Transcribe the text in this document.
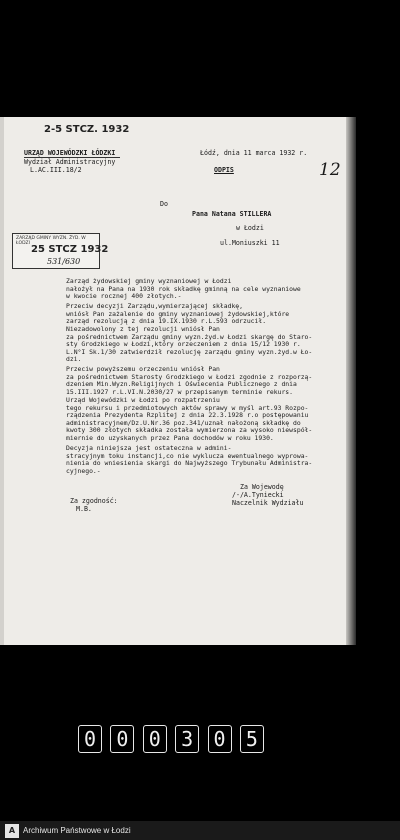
2-5 STCZ. 1932
URZĄD WOJEWÓDZKI ŁÓDZKI
Wydział Administracyjny
L.AC.III.18/2
Łódź, dnia 11 marca 1932 r.
ODPIS	12
Do
Pana Natana STILLERA
w Łodzi
ul.Moniuszki 11
ZARZĄD GMINY WYZN. ŻYD. W ŁODZI
25 STCZ 1932
531/630
Zarząd żydowskiej gminy wyznaniowej w Łodzi
nałożył na Pana na 1930 rok składkę gminną na cele wyznaniowe
w kwocie rocznej 400 złotych.-
Przeciw decyzji Zarządu,wymierzającej składkę,
wniósł Pan zażalenie do gminy wyznaniowej żydowskiej,które
zarząd rezolucją z dnia 19.IX.1930 r.L.593 odrzucił.
Niezadowolony z tej rezolucji wniósł Pan
za pośrednictwem Zarządu gminy wyzn.żyd.w Łodzi skargę do Staro-
sty Grodzkiego w Łodzi,który orzeczeniem z dnia 15/12 1930 r.
L.N°I Sk.1/30 zatwierdził rezolucję zarządu gminy wyzn.żyd.w Ło-
dzi.
Przeciw powyższemu orzeczeniu wniósł Pan
za pośrednictwem Starosty Grodzkiego w Łodzi zgodnie z rozporzą-
dzeniem Min.Wyzn.Religijnych i Oświecenia Publicznego z dnia
15.III.1927 r.L.VI.N.2030/27 w przepisanym terminie rekurs.
Urząd Wojewódzki w Łodzi po rozpatrzeniu
tego rekursu i przedmiotowych aktów sprawy w myśl art.93 Rozpo-
rządzenia Prezydenta Rzplitej z dnia 22.3.1928 r.o postępowaniu
administracyjnem/Dz.U.Nr.36 poz.341/uznał nałożoną składkę do
kwoty 300 złotych składka została wymierzona za wysoko niewspół-
miernie do uzyskanych przez Pana dochodów w roku 1930.
Decyzja niniejsza jest ostateczna w admini-
stracyjnym toku instancji,co nie wyklucza ewentualnego wyprowa-
nienia do wniesienia skargi do Najwyższego Trybunału Administra-
cyjnego.-
Za Wojewodę
/-/A.Tyniecki
Naczelnik Wydziału
Za zgodność:
M.B.
0 0 0 3 0 5
A Archiwum Państwowe w Łodzi
